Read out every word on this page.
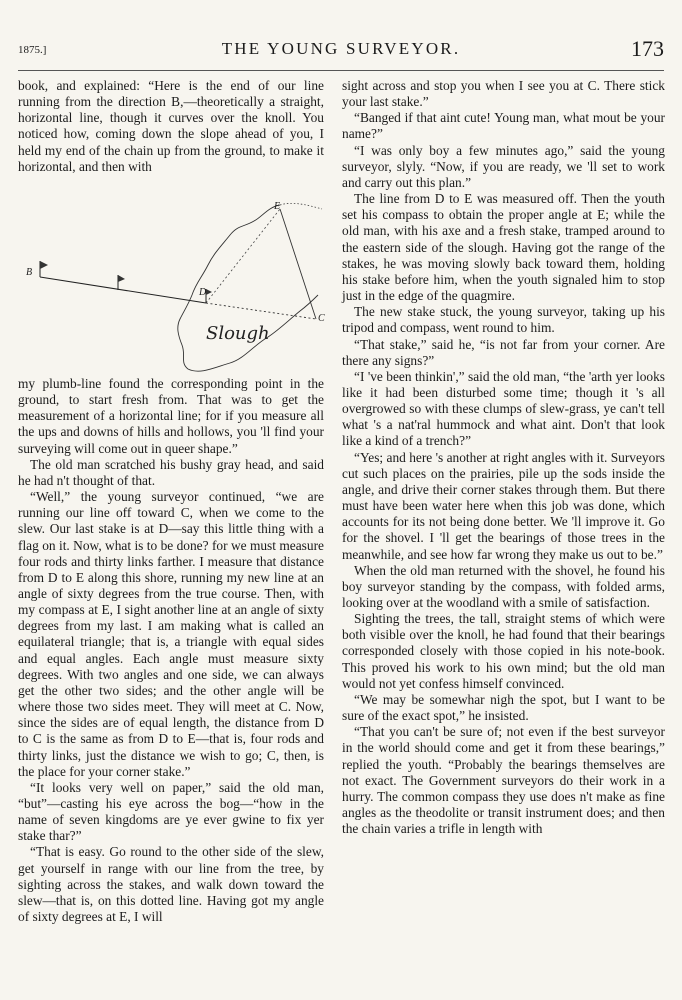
1875.]	THE YOUNG SURVEYOR.	173

book, and explained: “Here is the end of our line running from the direction B,—theoretically a straight, horizontal line, though it curves over the knoll. You noticed how, coming down the slope ahead of you, I held my end of the chain up from the ground, to make it horizontal, and then with

my plumb-line found the corresponding point in the ground, to start fresh from. That was to get the measurement of a horizontal line; for if you measure all the ups and downs of hills and hollows, you 'll find your surveying will come out in queer shape.”

The old man scratched his bushy gray head, and said he had n't thought of that.

“Well,” the young surveyor continued, “we are running our line off toward C, when we come to the slew. Our last stake is at D—say this little thing with a flag on it. Now, what is to be done? for we must measure four rods and thirty links farther. I measure that distance from D to E along this shore, running my new line at an angle of sixty degrees from the true course. Then, with my compass at E, I sight another line at an angle of sixty degrees from my last. I am making what is called an equilateral triangle; that is, a triangle with equal sides and equal angles. Each angle must measure sixty degrees. With two angles and one side, we can always get the other two sides; and the other angle will be where those two sides meet. They will meet at C. Now, since the sides are of equal length, the distance from D to C is the same as from D to E—that is, four rods and thirty links, just the distance we wish to go; C, then, is the place for your corner stake.”

“It looks very well on paper,” said the old man, “but”—casting his eye across the bog—“how in the name of seven kingdoms are ye ever gwine to fix yer stake thar?”

“That is easy. Go round to the other side of the slew, get yourself in range with our line from the tree, by sighting across the stakes, and walk down toward the slew—that is, on this dotted line. Having got my angle of sixty degrees at E, I will

B
D
E
C
Slough

sight across and stop you when I see you at C. There stick your last stake.”

“Banged if that aint cute! Young man, what mout be your name?”

“I was only boy a few minutes ago,” said the young surveyor, slyly. “Now, if you are ready, we 'll set to work and carry out this plan.”

The line from D to E was measured off. Then the youth set his compass to obtain the proper angle at E; while the old man, with his axe and a fresh stake, tramped around to the eastern side of the slough. Having got the range of the stakes, he was moving slowly back toward them, holding his stake before him, when the youth signaled him to stop just in the edge of the quagmire.

The new stake stuck, the young surveyor, taking up his tripod and compass, went round to him.

“That stake,” said he, “is not far from your corner. Are there any signs?”

“I 've been thinkin',” said the old man, “the 'arth yer looks like it had been disturbed some time; though it 's all overgrowed so with these clumps of slew-grass, ye can't tell what 's a nat'ral hummock and what aint. Don't that look like a kind of a trench?”

“Yes; and here 's another at right angles with it. Surveyors cut such places on the prairies, pile up the sods inside the angle, and drive their corner stakes through them. But there must have been water here when this job was done, which accounts for its not being done better. We 'll improve it. Go for the shovel. I 'll get the bearings of those trees in the meanwhile, and see how far wrong they make us out to be.”

When the old man returned with the shovel, he found his boy surveyor standing by the compass, with folded arms, looking over at the woodland with a smile of satisfaction.

Sighting the trees, the tall, straight stems of which were both visible over the knoll, he had found that their bearings corresponded closely with those copied in his note-book. This proved his work to his own mind; but the old man would not yet confess himself convinced.

“We may be somewhar nigh the spot, but I want to be sure of the exact spot,” he insisted.

“That you can't be sure of; not even if the best surveyor in the world should come and get it from these bearings,” replied the youth. “Probably the bearings themselves are not exact. The Government surveyors do their work in a hurry. The common compass they use does n't make as fine angles as the theodolite or transit instrument does; and then the chain varies a trifle in length with
